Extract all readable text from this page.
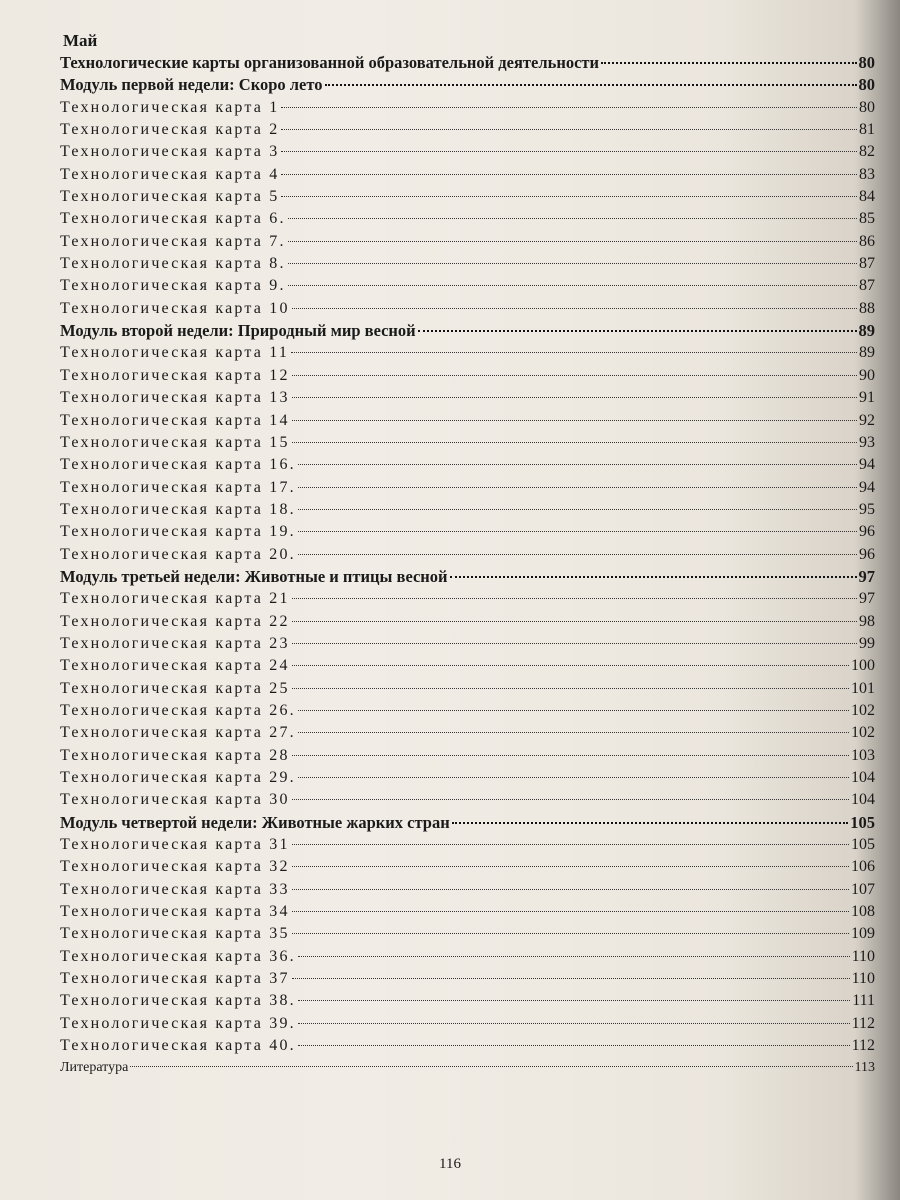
Май
Технологические карты организованной образовательной деятельности	80
Модуль первой недели: Скоро лето	80
Технологическая карта 1	80
Технологическая карта 2	81
Технологическая карта 3	82
Технологическая карта 4	83
Технологическая карта 5	84
Технологическая карта 6.	85
Технологическая карта 7.	86
Технологическая карта 8.	87
Технологическая карта 9.	87
Технологическая карта 10	88
Модуль второй недели: Природный мир весной	89
Технологическая карта 11	89
Технологическая карта 12	90
Технологическая карта 13	91
Технологическая карта 14	92
Технологическая карта 15	93
Технологическая карта 16.	94
Технологическая карта 17.	94
Технологическая карта 18.	95
Технологическая карта 19.	96
Технологическая карта 20.	96
Модуль третьей недели: Животные и птицы весной	97
Технологическая карта 21	97
Технологическая карта 22	98
Технологическая карта 23	99
Технологическая карта 24	100
Технологическая карта 25	101
Технологическая карта 26.	102
Технологическая карта 27.	102
Технологическая карта 28	103
Технологическая карта 29.	104
Технологическая карта 30	104
Модуль четвертой недели: Животные жарких стран	105
Технологическая карта 31	105
Технологическая карта 32	106
Технологическая карта 33	107
Технологическая карта 34	108
Технологическая карта 35	109
Технологическая карта 36.	110
Технологическая карта 37	110
Технологическая карта 38.	111
Технологическая карта 39.	112
Технологическая карта 40.	112
Литература	113
116
